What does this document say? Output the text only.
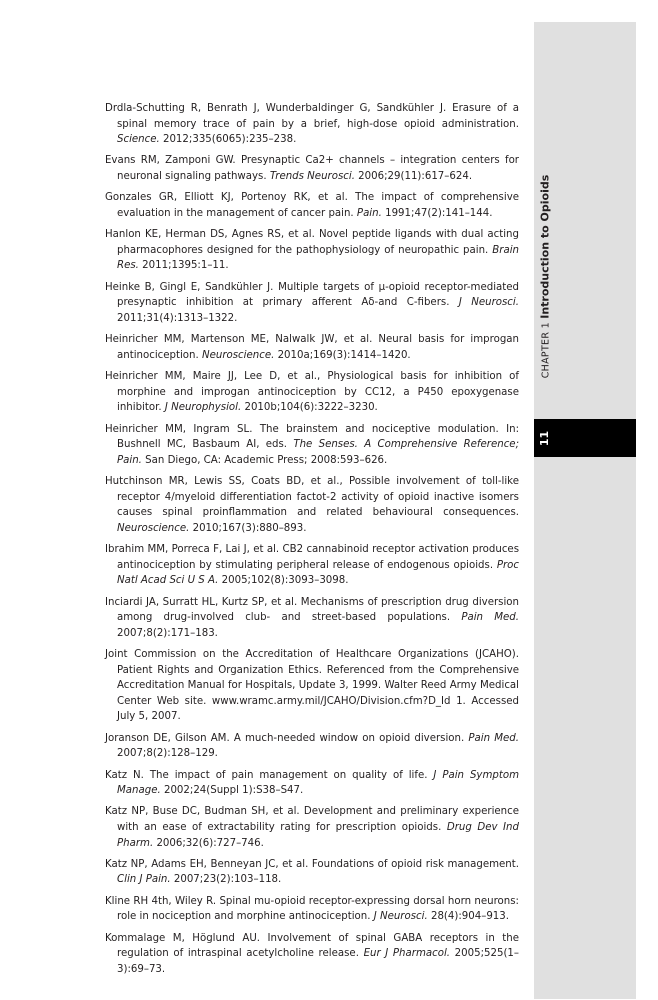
Drdla-Schutting R, Benrath J, Wunderbaldinger G, Sandkühler J. Erasure of a spinal memory trace of pain by a brief, high-dose opioid administration. Science. 2012;335(6065):235–238.

Evans RM, Zamponi GW. Presynaptic Ca2+ channels – integration centers for neuronal signaling pathways. Trends Neurosci. 2006;29(11):617–624.

Gonzales GR, Elliott KJ, Portenoy RK, et al. The impact of comprehensive evaluation in the management of cancer pain. Pain. 1991;47(2):141–144.

Hanlon KE, Herman DS, Agnes RS, et al. Novel peptide ligands with dual acting pharmacophores designed for the pathophysiology of neuropathic pain. Brain Res. 2011;1395:1–11.

Heinke B, Gingl E, Sandkühler J. Multiple targets of μ-opioid receptor-mediated presynaptic inhibition at primary afferent Aδ-and C-fibers. J Neurosci. 2011;31(4):1313–1322.

Heinricher MM, Martenson ME, Nalwalk JW, et al. Neural basis for improgan antinociception. Neuroscience. 2010a;169(3):1414–1420.

Heinricher MM, Maire JJ, Lee D, et al., Physiological basis for inhibition of morphine and improgan antinociception by CC12, a P450 epoxygenase inhibitor. J Neurophysiol. 2010b;104(6):3222–3230.

Heinricher MM, Ingram SL. The brainstem and nociceptive modulation. In: Bushnell MC, Basbaum AI, eds. The Senses. A Comprehensive Reference; Pain. San Diego, CA: Academic Press; 2008:593–626.

Hutchinson MR, Lewis SS, Coats BD, et al., Possible involvement of toll-like receptor 4/myeloid differentiation factot-2 activity of opioid inactive isomers causes spinal proinflammation and related behavioural consequences. Neuroscience. 2010;167(3):880–893.

Ibrahim MM, Porreca F, Lai J, et al. CB2 cannabinoid receptor activation produces antinociception by stimulating peripheral release of endogenous opioids. Proc Natl Acad Sci U S A. 2005;102(8):3093–3098.

Inciardi JA, Surratt HL, Kurtz SP, et al. Mechanisms of prescription drug diversion among drug-involved club- and street-based populations. Pain Med. 2007;8(2):171–183.

Joint Commission on the Accreditation of Healthcare Organizations (JCAHO). Patient Rights and Organization Ethics. Referenced from the Comprehensive Accreditation Manual for Hospitals, Update 3, 1999. Walter Reed Army Medical Center Web site. www.wramc.army.mil/JCAHO/Division.cfm?D_Id 1. Accessed July 5, 2007.

Joranson DE, Gilson AM. A much-needed window on opioid diversion. Pain Med. 2007;8(2):128–129.

Katz N. The impact of pain management on quality of life. J Pain Symptom Manage. 2002;24(Suppl 1):S38–S47.

Katz NP, Buse DC, Budman SH, et al. Development and preliminary experience with an ease of extractability rating for prescription opioids. Drug Dev Ind Pharm. 2006;32(6):727–746.

Katz NP, Adams EH, Benneyan JC, et al. Foundations of opioid risk management. Clin J Pain. 2007;23(2):103–118.

Kline RH 4th, Wiley R. Spinal mu-opioid receptor-expressing dorsal horn neurons: role in nociception and morphine antinociception. J Neurosci. 28(4):904–913.

Kommalage M, Höglund AU. Involvement of spinal GABA receptors in the regulation of intraspinal acetylcholine release. Eur J Pharmacol. 2005;525(1–3):69–73.

CHAPTER 1 Introduction to Opioids
11
